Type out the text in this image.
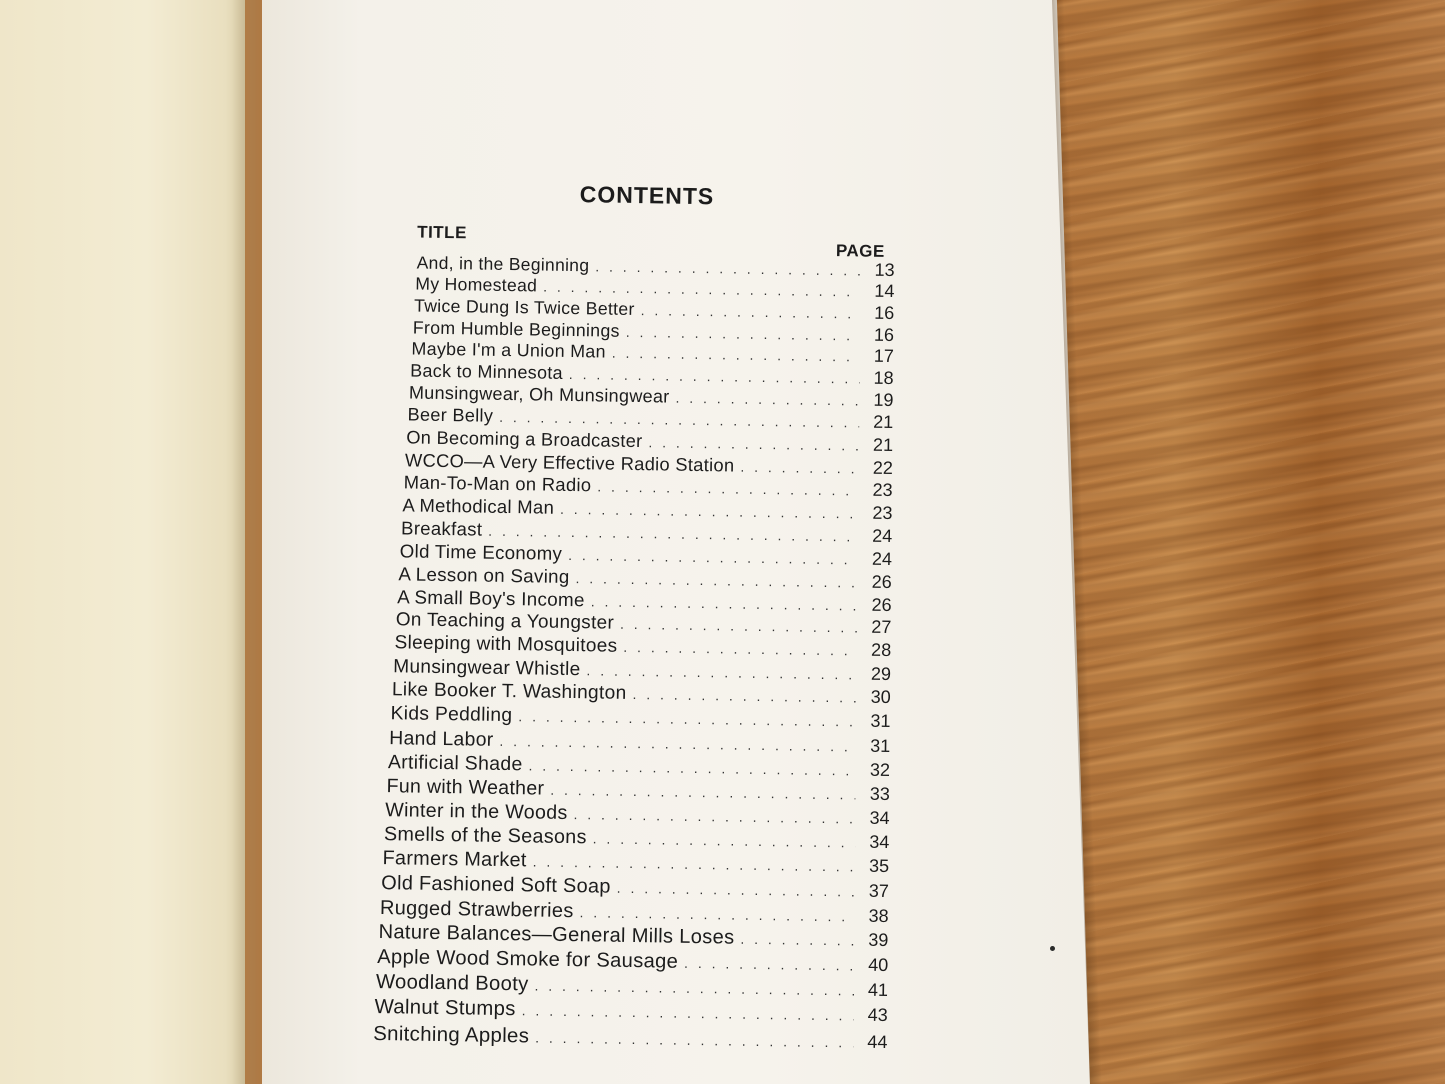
CONTENTS
TITLE
PAGE
And, in the Beginning . . .	13
My Homestead . . .	14
Twice Dung Is Twice Better . . .	16
From Humble Beginnings . . .	16
Maybe I'm a Union Man . . .	17
Back to Minnesota . . .	18
Munsingwear, Oh Munsingwear . . .	19
Beer Belly . . .	21
On Becoming a Broadcaster . . .	21
WCCO—A Very Effective Radio Station . . .	22
Man-To-Man on Radio . . .	23
A Methodical Man . . .	23
Breakfast . . .	24
Old Time Economy . . .	24
A Lesson on Saving . . .	26
A Small Boy's Income . . .	26
On Teaching a Youngster . . .	27
Sleeping with Mosquitoes . . .	28
Munsingwear Whistle . . .	29
Like Booker T. Washington . . .	30
Kids Peddling . . .	31
Hand Labor . . .	31
Artificial Shade . . .	32
Fun with Weather . . .	33
Winter in the Woods . . .	34
Smells of the Seasons . . .	34
Farmers Market . . .	35
Old Fashioned Soft Soap . . .	37
Rugged Strawberries . . .	38
Nature Balances—General Mills Loses . . .	39
Apple Wood Smoke for Sausage . . .	40
Woodland Booty . . .	41
Walnut Stumps . . .	43
Snitching Apples . . .	44
